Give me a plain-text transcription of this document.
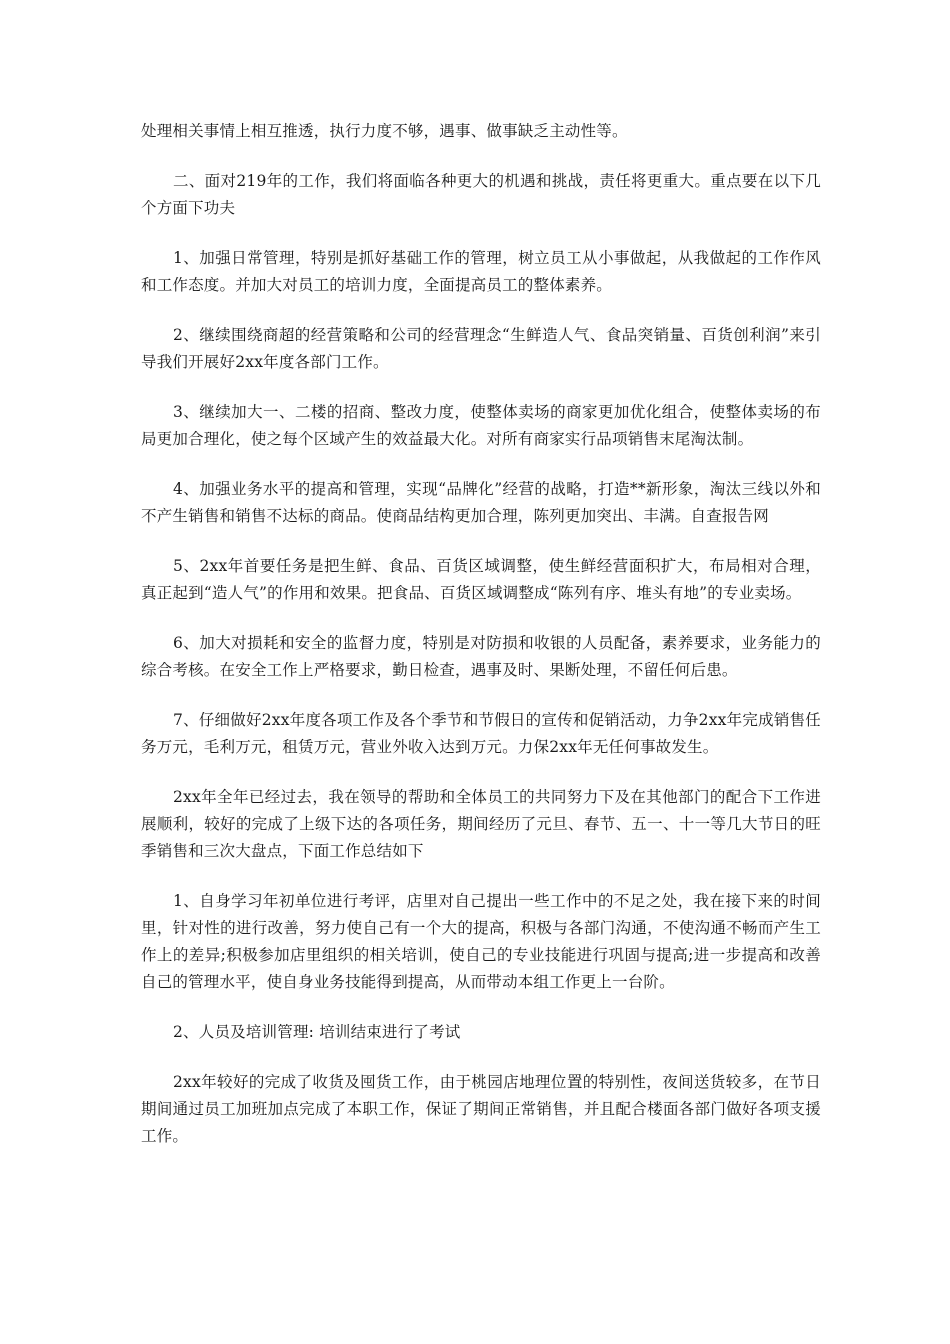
处理相关事情上相互推透，执行力度不够，遇事、做事缺乏主动性等。

二、面对219年的工作，我们将面临各种更大的机遇和挑战，责任将更重大。重点要在以下几个方面下功夫

1、加强日常管理，特别是抓好基础工作的管理，树立员工从小事做起，从我做起的工作作风和工作态度。并加大对员工的培训力度，全面提高员工的整体素养。

2、继续围绕商超的经营策略和公司的经营理念“生鲜造人气、食品突销量、百货创利润”来引导我们开展好2xx年度各部门工作。

3、继续加大一、二楼的招商、整改力度，使整体卖场的商家更加优化组合，使整体卖场的布局更加合理化，使之每个区域产生的效益最大化。对所有商家实行品项销售末尾淘汰制。

4、加强业务水平的提高和管理，实现“品牌化”经营的战略，打造**新形象，淘汰三线以外和不产生销售和销售不达标的商品。使商品结构更加合理，陈列更加突出、丰满。自查报告网

5、2xx年首要任务是把生鲜、食品、百货区域调整，使生鲜经营面积扩大，布局相对合理，真正起到“造人气”的作用和效果。把食品、百货区域调整成“陈列有序、堆头有地”的专业卖场。

6、加大对损耗和安全的监督力度，特别是对防损和收银的人员配备，素养要求，业务能力的综合考核。在安全工作上严格要求，勤日检查，遇事及时、果断处理，不留任何后患。

7、仔细做好2xx年度各项工作及各个季节和节假日的宣传和促销活动，力争2xx年完成销售任务万元，毛利万元，租赁万元，营业外收入达到万元。力保2xx年无任何事故发生。

2xx年全年已经过去，我在领导的帮助和全体员工的共同努力下及在其他部门的配合下工作进展顺利，较好的完成了上级下达的各项任务，期间经历了元旦、春节、五一、十一等几大节日的旺季销售和三次大盘点，下面工作总结如下

1、自身学习年初单位进行考评，店里对自己提出一些工作中的不足之处，我在接下来的时间里，针对性的进行改善，努力使自己有一个大的提高，积极与各部门沟通，不使沟通不畅而产生工作上的差异;积极参加店里组织的相关培训，使自己的专业技能进行巩固与提高;进一步提高和改善自己的管理水平，使自身业务技能得到提高，从而带动本组工作更上一台阶。

2、人员及培训管理: 培训结束进行了考试

2xx年较好的完成了收货及囤货工作，由于桃园店地理位置的特别性，夜间送货较多，在节日期间通过员工加班加点完成了本职工作，保证了期间正常销售，并且配合楼面各部门做好各项支援工作。
